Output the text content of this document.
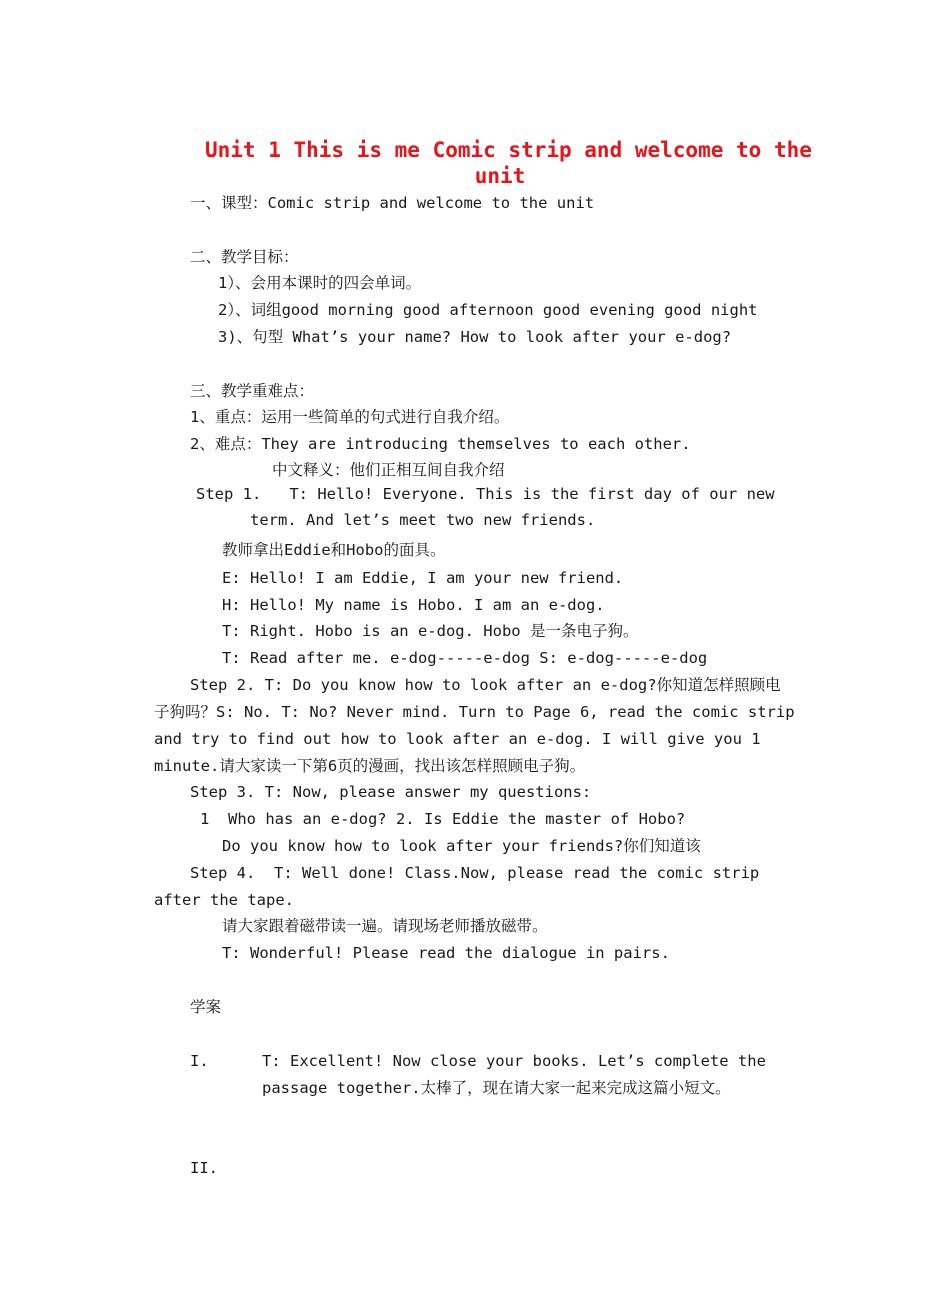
Unit 1 This is me Comic strip and welcome to the
unit
一、课型：Comic strip and welcome to the unit
二、教学目标：
1）、会用本课时的四会单词。
2）、词组good morning good afternoon good evening good night
3)、句型 What’s your name? How to look after your e-dog?
三、教学重难点：
1、重点：运用一些简单的句式进行自我介绍。
2、难点：They are introducing themselves to each other.
中文释义：他们正相互间自我介绍
Step 1.   T: Hello! Everyone. This is the first day of our new
term. And let’s meet two new friends.
教师拿出Eddie和Hobo的面具。
E: Hello! I am Eddie, I am your new friend.
H: Hello! My name is Hobo. I am an e-dog.
T: Right. Hobo is an e-dog. Hobo 是一条电子狗。
T: Read after me. e-dog-----e-dog S: e-dog-----e-dog
Step 2. T: Do you know how to look after an e-dog?你知道怎样照顾电
子狗吗？S: No. T: No? Never mind. Turn to Page 6, read the comic strip
and try to find out how to look after an e-dog. I will give you 1
minute.请大家读一下第6页的漫画，找出该怎样照顾电子狗。
Step 3. T: Now, please answer my questions:
1  Who has an e-dog? 2. Is Eddie the master of Hobo?
Do you know how to look after your friends?你们知道该
Step 4.  T: Well done! Class.Now, please read the comic strip
after the tape.
请大家跟着磁带读一遍。请现场老师播放磁带。
T: Wonderful! Please read the dialogue in pairs.
学案
I.	T: Excellent! Now close your books. Let’s complete the
passage together.太棒了，现在请大家一起来完成这篇小短文。
II.
